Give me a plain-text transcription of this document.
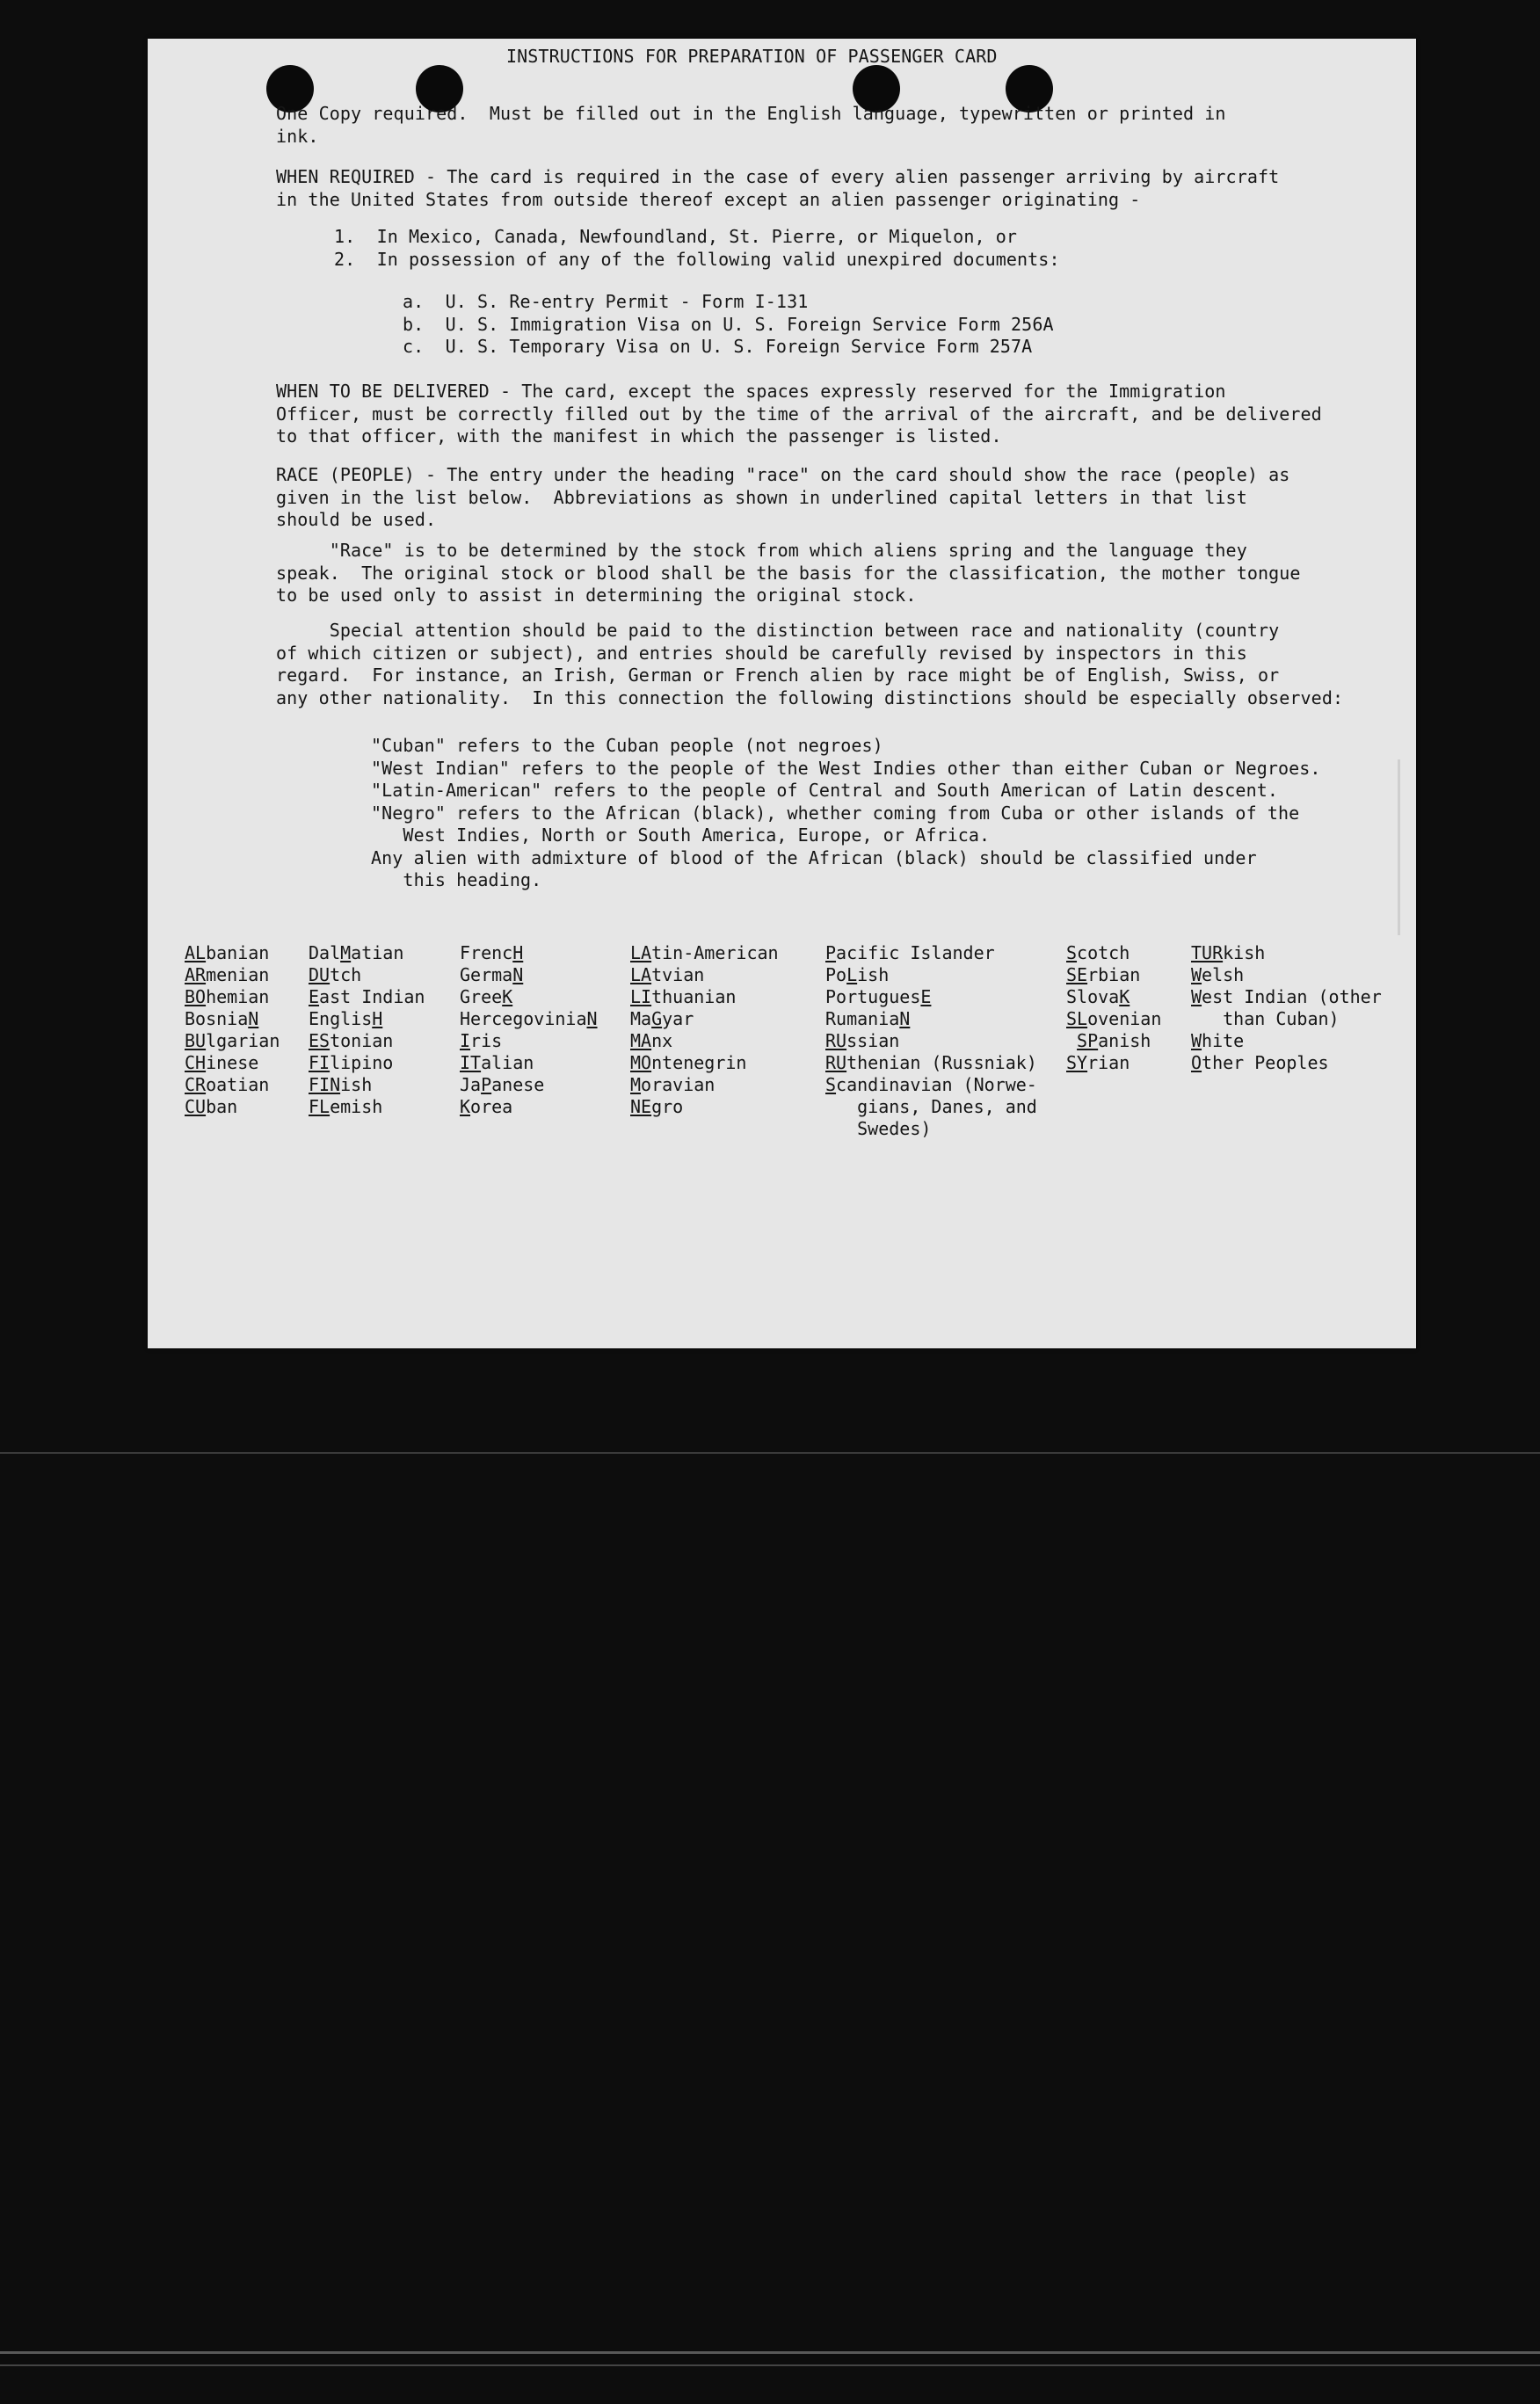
INSTRUCTIONS FOR PREPARATION OF PASSENGER CARD
One Copy required.  Must be filled out in the English language, typewritten or printed in
ink.
WHEN REQUIRED - The card is required in the case of every alien passenger arriving by aircraft
in the United States from outside thereof except an alien passenger originating -
1.  In Mexico, Canada, Newfoundland, St. Pierre, or Miquelon, or
2.  In possession of any of the following valid unexpired documents:
a.  U. S. Re-entry Permit - Form I-131
b.  U. S. Immigration Visa on U. S. Foreign Service Form 256A
c.  U. S. Temporary Visa on U. S. Foreign Service Form 257A
WHEN TO BE DELIVERED - The card, except the spaces expressly reserved for the Immigration
Officer, must be correctly filled out by the time of the arrival of the aircraft, and be delivered
to that officer, with the manifest in which the passenger is listed.
RACE (PEOPLE) - The entry under the heading "race" on the card should show the race (people) as
given in the list below.  Abbreviations as shown in underlined capital letters in that list
should be used.
"Race" is to be determined by the stock from which aliens spring and the language they
speak.  The original stock or blood shall be the basis for the classification, the mother tongue
to be used only to assist in determining the original stock.
Special attention should be paid to the distinction between race and nationality (country
of which citizen or subject), and entries should be carefully revised by inspectors in this
regard.  For instance, an Irish, German or French alien by race might be of English, Swiss, or
any other nationality.  In this connection the following distinctions should be especially observed:
"Cuban" refers to the Cuban people (not negroes)
"West Indian" refers to the people of the West Indies other than either Cuban or Negroes.
"Latin-American" refers to the people of Central and South American of Latin descent.
"Negro" refers to the African (black), whether coming from Cuba or other islands of the
West Indies, North or South America, Europe, or Africa.
Any alien with admixture of blood of the African (black) should be classified under
this heading.
ALbanian
ARmenian
BOhemian
BosniaN
BUlgarian
CHinese
CRoatian
CUban
DalMatian
DUtch
East Indian
EnglisH
EStonian
FIlipino
FINish
FLemish
FrencH
GermaN
GreeK
HercegoviniaN
Iris
ITalian
JaPanese
Korea
LAtin-American
LAtvian
LIthuanian
MaGyar
MAnx
MOntenegrin
Moravian
NEgro
Pacific Islander
PoLish
PortuguesE
RumaniaN
RUssian
RUthenian (Russniak)
Scandinavian (Norwe-
gians, Danes, and
Swedes)
Scotch
SErbian
SlovaK
SLovenian
SPanish
SYrian
TURkish
Welsh
West Indian (other
than Cuban)
White
Other Peoples
